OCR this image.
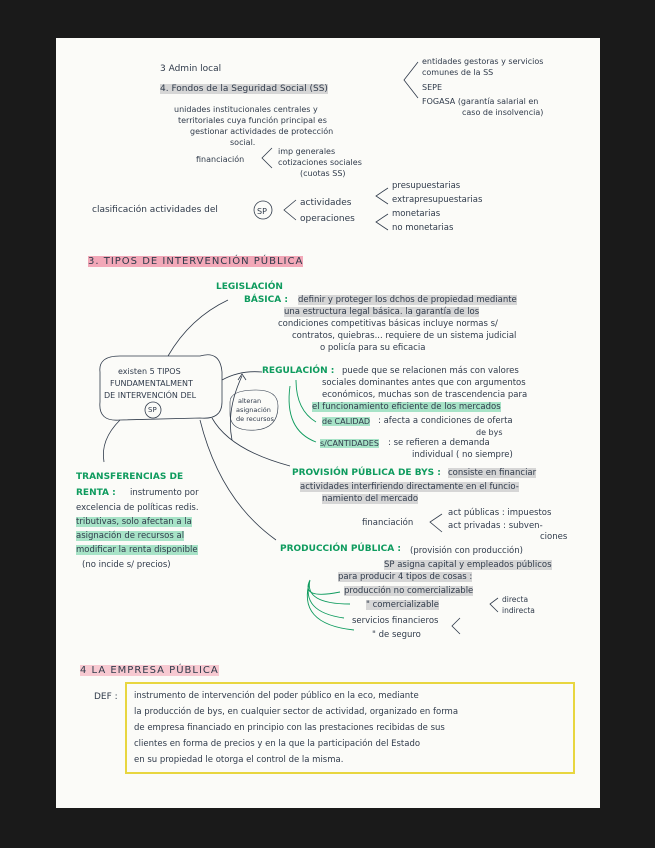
3 Admin local
4. Fondos de la Seguridad Social (SS)
entidades gestoras y servicios
comunes de la SS
SEPE
FOGASA (garantía salarial en
caso de insolvencia)
unidades institucionales centrales y
territoriales cuya función principal es
gestionar actividades de protección
social.
financiación
imp generales
cotizaciones sociales
(cuotas SS)
clasificación actividades del	SP
actividades
operaciones
presupuestarias
extrapresupuestarias
monetarias
no monetarias
3. TIPOS DE INTERVENCIÓN PÚBLICA
existen 5 TIPOS
FUNDAMENTALMENT
DE INTERVENCIÓN DEL
SP
LEGISLACIÓN
BÁSICA : definir y proteger los dchos de propiedad mediante
una estructura legal básica. la garantía de los
condiciones competitivas básicas incluye normas s/
contratos, quiebras... requiere de un sistema judicial
o policía para su eficacia
REGULACIÓN : puede que se relacionen más con valores
sociales dominantes antes que con argumentos
económicos, muchas son de trascendencia para
el funcionamiento eficiente de los mercados
de CALIDAD : afecta a condiciones de oferta
de bys
s/CANTIDADES : se refieren a demanda
individual ( no siempre)
alteran
asignación
de recursos
TRANSFERENCIAS DE
RENTA : instrumento por
excelencia de políticas redis.
tributivas, solo afectan a la
asignación de recursos al
modificar la renta disponible
(no incide s/ precios)
PROVISIÓN PÚBLICA DE BYS : consiste en financiar
actividades interfiriendo directamente en el funcio-
namiento del mercado
financiación
act públicas : impuestos
act privadas : subven-
ciones
PRODUCCIÓN PÚBLICA : (provisión con producción)
SP asigna capital y empleados públicos
para producir 4 tipos de cosas :
producción no comercializable
" comercializable
directa
indirecta
servicios financieros
" de seguro
4 LA EMPRESA PÚBLICA
DEF : instrumento de intervención del poder público en la eco, mediante
la producción de bys, en cualquier sector de actividad, organizado en forma
de empresa financiado en principio con las prestaciones recibidas de sus
clientes en forma de precios y en la que la participación del Estado
en su propiedad le otorga el control de la misma.
